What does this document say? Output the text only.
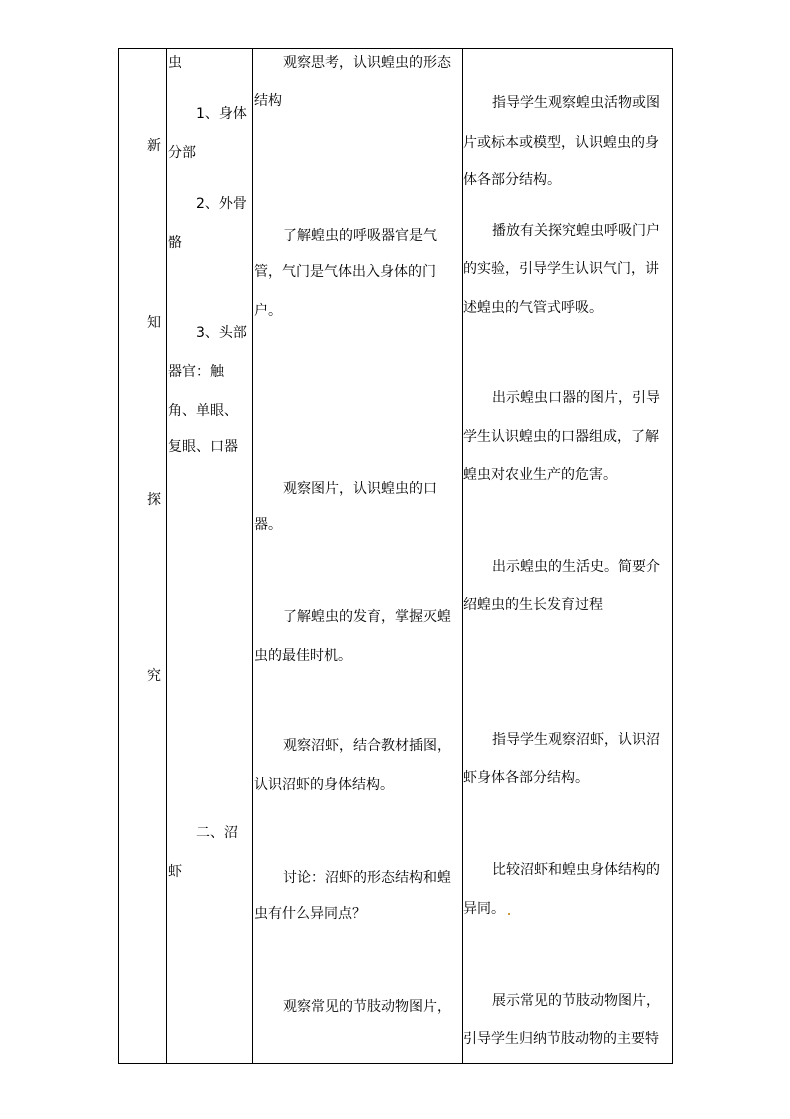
新
知
探
究
虫
1、身体
分部
2、外骨
骼
3、头部
器官：触
角、单眼、
复眼、口器
二、沼
虾
观察思考，认识蝗虫的形态
结构
了解蝗虫的呼吸器官是气
管，气门是气体出入身体的门
户。
观察图片，认识蝗虫的口
器。
了解蝗虫的发育，掌握灭蝗
虫的最佳时机。
观察沼虾，结合教材插图，
认识沼虾的身体结构。
讨论：沼虾的形态结构和蝗
虫有什么异同点？
观察常见的节肢动物图片，
指导学生观察蝗虫活物或图
片或标本或模型，认识蝗虫的身
体各部分结构。
播放有关探究蝗虫呼吸门户
的实验，引导学生认识气门，讲
述蝗虫的气管式呼吸。
出示蝗虫口器的图片，引导
学生认识蝗虫的口器组成，了解
蝗虫对农业生产的危害。
出示蝗虫的生活史。简要介
绍蝗虫的生长发育过程
指导学生观察沼虾，认识沼
虾身体各部分结构。
比较沼虾和蝗虫身体结构的
异同。
展示常见的节肢动物图片，
引导学生归纳节肢动物的主要特
